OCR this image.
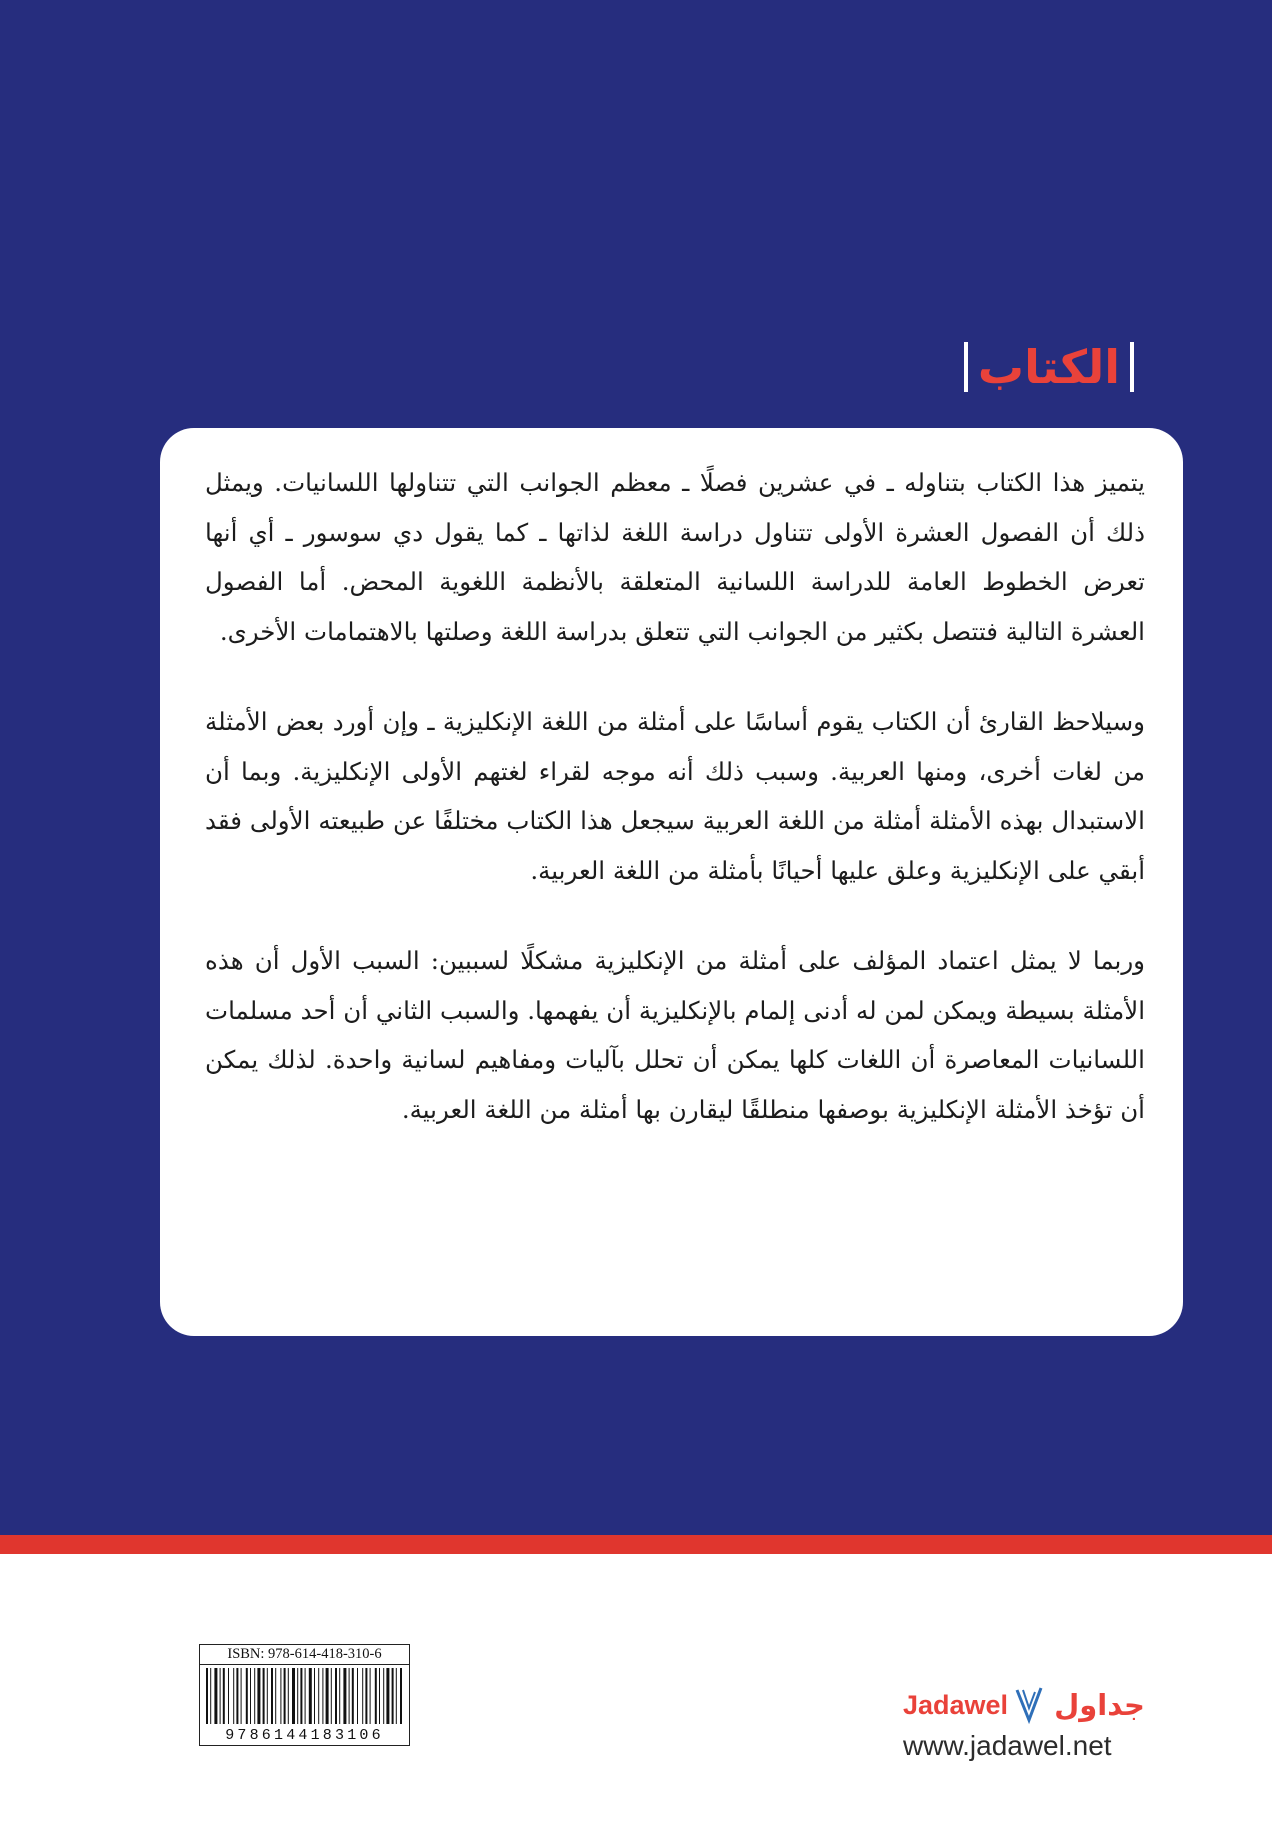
الكتاب

يتميز هذا الكتاب بتناوله ـ في عشرين فصلًا ـ معظم الجوانب التي تتناولها اللسانيات. ويمثل ذلك أن الفصول العشرة الأولى تتناول دراسة اللغة لذاتها ـ كما يقول دي سوسور ـ أي أنها تعرض الخطوط العامة للدراسة اللسانية المتعلقة بالأنظمة اللغوية المحض. أما الفصول العشرة التالية فتتصل بكثير من الجوانب التي تتعلق بدراسة اللغة وصلتها بالاهتمامات الأخرى.

وسيلاحظ القارئ أن الكتاب يقوم أساسًا على أمثلة من اللغة الإنكليزية ـ وإن أورد بعض الأمثلة من لغات أخرى، ومنها العربية. وسبب ذلك أنه موجه لقراء لغتهم الأولى الإنكليزية. وبما أن الاستبدال بهذه الأمثلة أمثلة من اللغة العربية سيجعل هذا الكتاب مختلفًا عن طبيعته الأولى فقد أبقي على الإنكليزية وعلق عليها أحيانًا بأمثلة من اللغة العربية.

وربما لا يمثل اعتماد المؤلف على أمثلة من الإنكليزية مشكلًا لسببين: السبب الأول أن هذه الأمثلة بسيطة ويمكن لمن له أدنى إلمام بالإنكليزية أن يفهمها. والسبب الثاني أن أحد مسلمات اللسانيات المعاصرة أن اللغات كلها يمكن أن تحلل بآليات ومفاهيم لسانية واحدة. لذلك يمكن أن تؤخذ الأمثلة الإنكليزية بوصفها منطلقًا ليقارن بها أمثلة من اللغة العربية.

ISBN: 978-614-418-310-6
9786144183106
Jadawel جداول
www.jadawel.net
